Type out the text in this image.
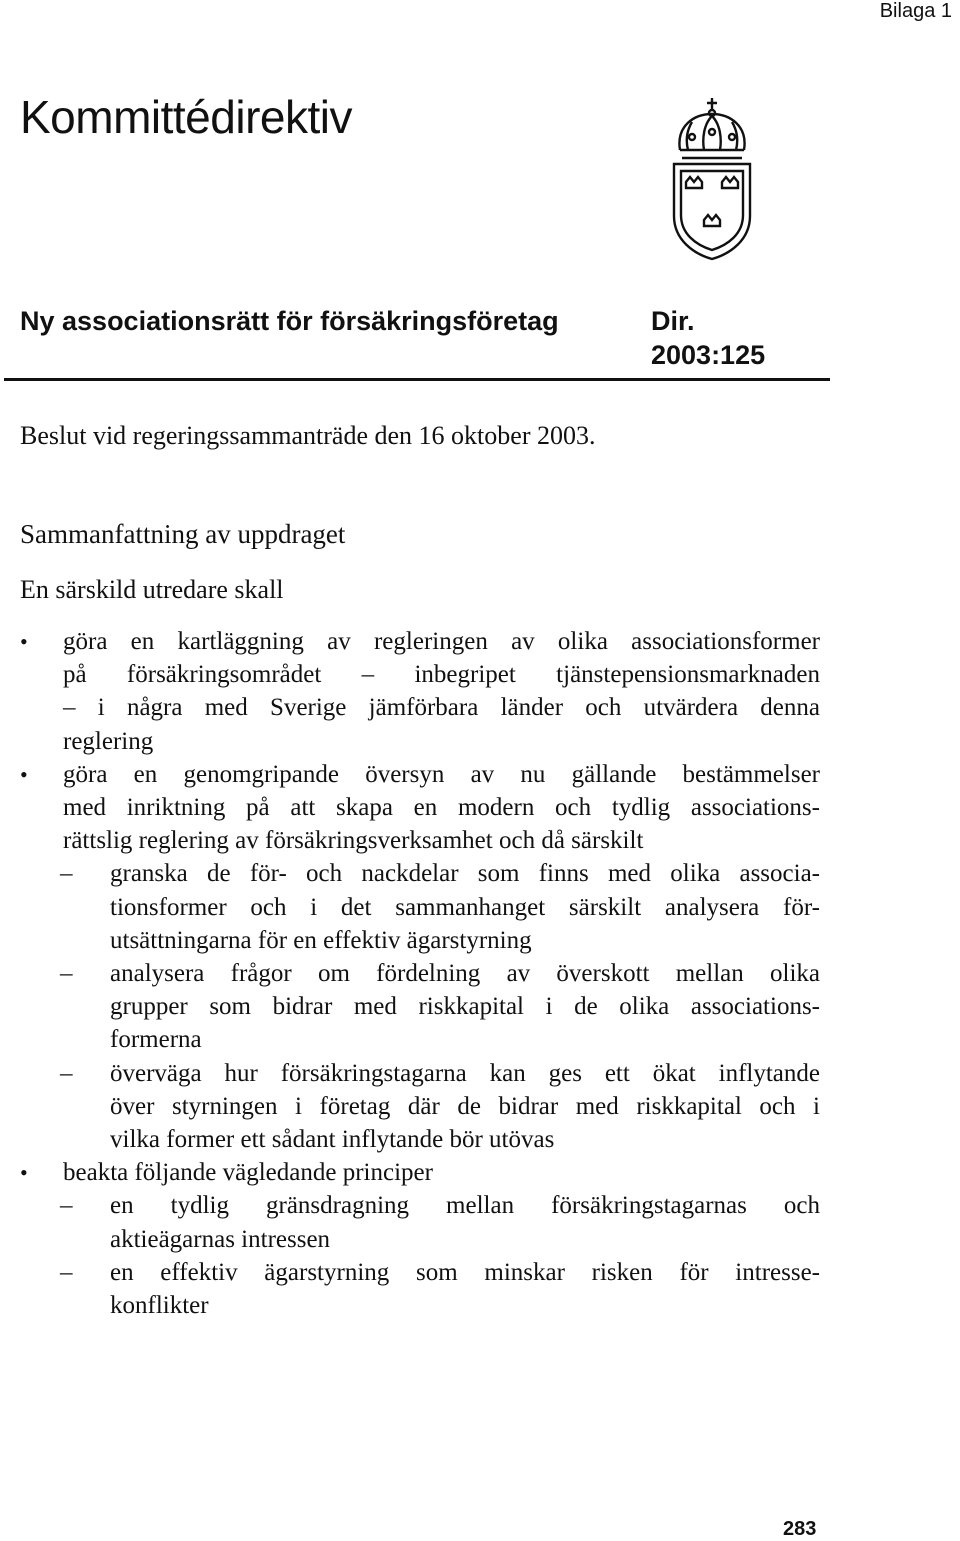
Bilaga 1
Kommittédirektiv
Ny associationsrätt för försäkringsföretag	Dir.
2003:125
Beslut vid regeringssammanträde den 16 oktober 2003.
Sammanfattning av uppdraget
En särskild utredare skall
•	göra en kartläggning av regleringen av olika associationsformer
på försäkringsområdet – inbegripet tjänstepensionsmarknaden
– i några med Sverige jämförbara länder och utvärdera denna
reglering
•	göra en genomgripande översyn av nu gällande bestämmelser
med inriktning på att skapa en modern och tydlig associations-
rättslig reglering av försäkringsverksamhet och då särskilt
– granska de för- och nackdelar som finns med olika associa-
tionsformer och i det sammanhanget särskilt analysera för-
utsättningarna för en effektiv ägarstyrning
– analysera frågor om fördelning av överskott mellan olika
grupper som bidrar med riskkapital i de olika associations-
formerna
– överväga hur försäkringstagarna kan ges ett ökat inflytande
över styrningen i företag där de bidrar med riskkapital och i
vilka former ett sådant inflytande bör utövas
•	beakta följande vägledande principer
– en tydlig gränsdragning mellan försäkringstagarnas och
aktieägarnas intressen
– en effektiv ägarstyrning som minskar risken för intresse-
konflikter
283
